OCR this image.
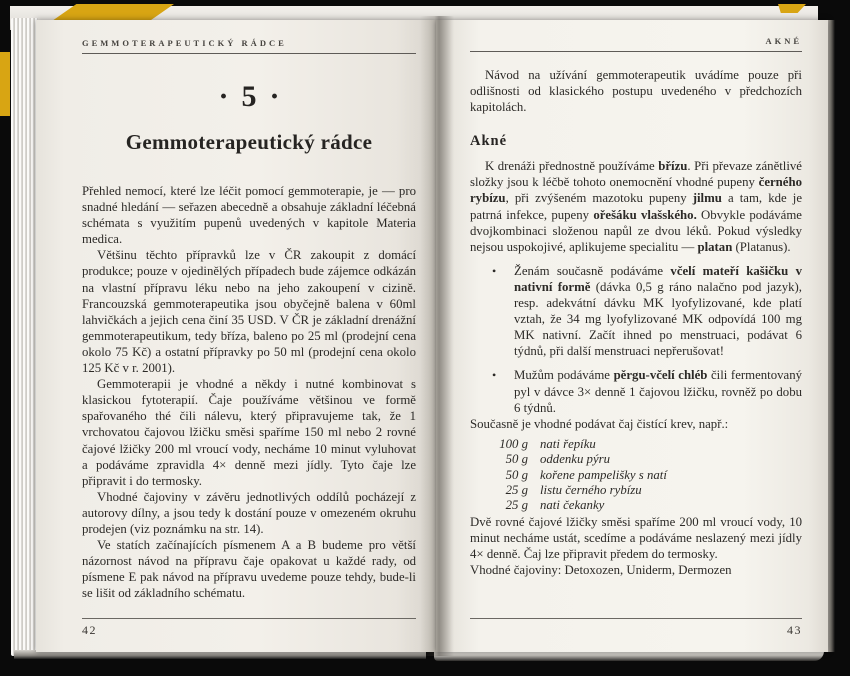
GEMMOTERAPEUTICKÝ RÁDCE
· 5 ·
Gemmoterapeutický rádce

Přehled nemocí, které lze léčit pomocí gemmoterapie, je — pro snadné hledání — seřazen abecedně a obsahuje základní léčebná schémata s využitím pupenů uvedených v kapitole Materia medica.

Většinu těchto přípravků lze v ČR zakoupit z domácí produkce; pouze v ojedinělých případech bude zájemce odkázán na vlastní přípravu léku nebo na jeho zakoupení v cizině. Francouzská gemmoterapeutika jsou obyčejně balena v 60ml lahvičkách a jejich cena činí 35 USD. V ČR je základní drenážní gemmoterapeutikum, tedy bříza, baleno po 25 ml (prodejní cena okolo 75 Kč) a ostatní přípravky po 50 ml (prodejní cena okolo 125 Kč v r. 2001).

Gemmoterapii je vhodné a někdy i nutné kombinovat s klasickou fytoterapií. Čaje používáme většinou ve formě spařovaného thé čili nálevu, který připravujeme tak, že 1 vrchovatou čajovou lžičku směsi spaříme 150 ml nebo 2 rovné čajové lžičky 200 ml vroucí vody, necháme 10 minut vyluhovat a podáváme zpravidla 4× denně mezi jídly. Tyto čaje lze připravit i do termosky.

Vhodné čajoviny v závěru jednotlivých oddílů pocházejí z autorovy dílny, a jsou tedy k dostání pouze v omezeném okruhu prodejen (viz poznámku na str. 14).

Ve statích začínajících písmenem A a B budeme pro větší názornost návod na přípravu čaje opakovat u každé rady, od písmene E pak návod na přípravu uvedeme pouze tehdy, bude-li se lišit od základního schématu.

42
AKNÉ

Návod na užívání gemmoterapeutik uvádíme pouze při odlišnosti od klasického postupu uvedeného v předchozích kapitolách.

Akné

K drenáži přednostně používáme břízu. Při převaze zánětlivé složky jsou k léčbě tohoto onemocnění vhodné pupeny černého rybízu, při zvýšeném mazotoku pupeny jilmu a tam, kde je patrná infekce, pupeny ořešáku vlašského. Obvykle podáváme dvojkombinaci složenou napůl ze dvou léků. Pokud výsledky nejsou uspokojivé, aplikujeme specialitu — platan (Platanus).

•	Ženám současně podáváme včelí mateří kašičku v nativní formě (dávka 0,5 g ráno nalačno pod jazyk), resp. adekvátní dávku MK lyofylizované, kde platí vztah, že 34 mg lyofylizované MK odpovídá 100 mg MK nativní. Začít ihned po menstruaci, podávat 6 týdnů, při další menstruaci nepřerušovat!

•	Mužům podáváme pěrgu-včelí chléb čili fermentovaný pyl v dávce 3× denně 1 čajovou lžičku, rovněž po dobu 6 týdnů.

Současně je vhodné podávat čaj čistící krev, např.:

100 g nati řepíku
50 g oddenku pýru
50 g kořene pampelišky s natí
25 g listu černého rybízu
25 g nati čekanky

Dvě rovné čajové lžičky směsi spaříme 200 ml vroucí vody, 10 minut necháme ustát, scedíme a podáváme neslazený mezi jídly 4× denně. Čaj lze připravit předem do termosky.

Vhodné čajoviny: Detoxozen, Uniderm, Dermozen

43
